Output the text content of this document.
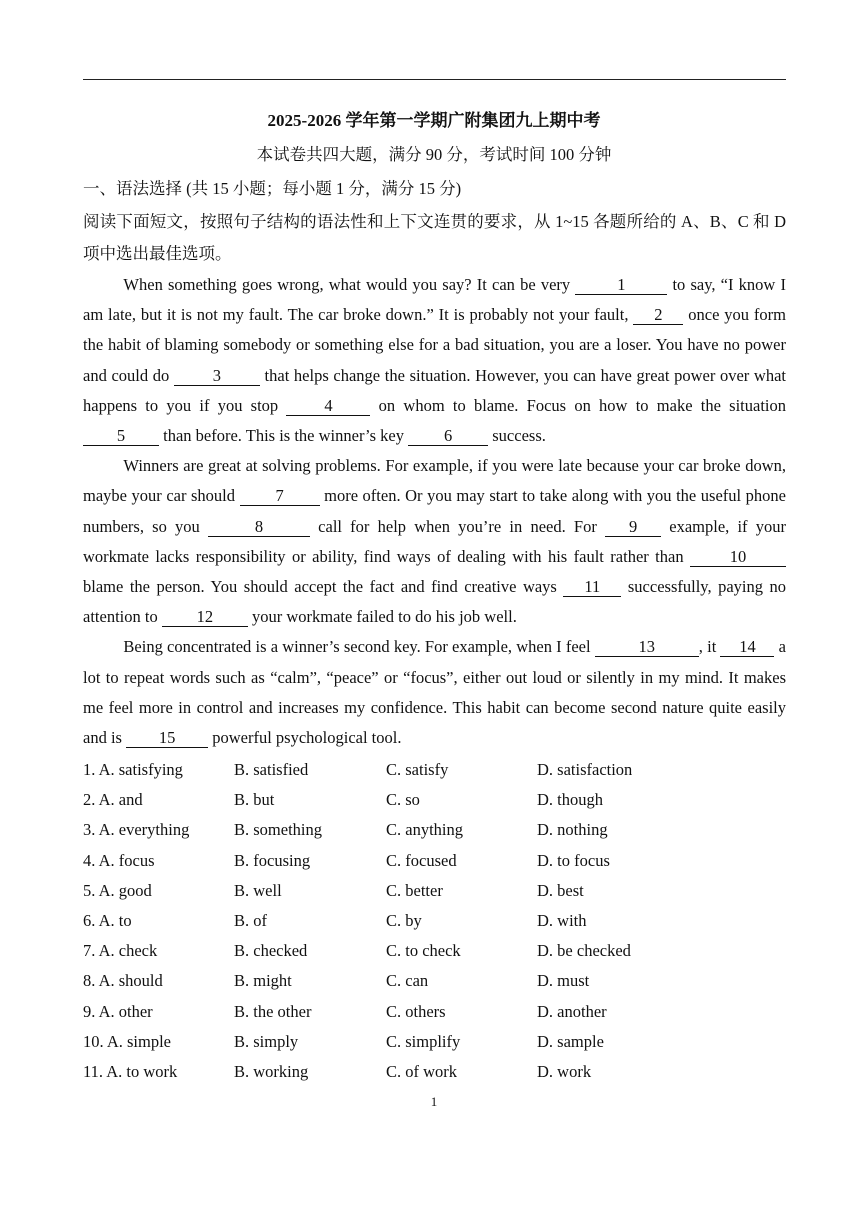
2025-2026 学年第一学期广附集团九上期中考
本试卷共四大题，满分 90 分，考试时间 100 分钟
一、语法选择 (共 15 小题；每小题 1 分，满分 15 分)
阅读下面短文，按照句子结构的语法性和上下文连贯的要求，从 1~15 各题所给的 A、B、C 和 D 项中选出最佳选项。

When something goes wrong, what would you say? It can be very	1	to say, “I know I am late, but it is not my fault. The car broke down.” It is probably not your fault, 2 once you form the habit of blaming somebody or something else for a bad situation, you are a loser. You have no power and could do 3 that helps change the situation. However, you can have great power over what happens to you if you stop 4 on whom to blame. Focus on how to make the situation 5 than before. This is the winner’s key 6 success.

Winners are great at solving problems. For example, if you were late because your car broke down, maybe your car should 7 more often. Or you may start to take along with you the useful phone numbers, so you	8	call for help when you’re in need. For 9 example, if your workmate lacks responsibility or ability, find ways of dealing with his fault rather than 10blame the person. You should accept the fact and find creative ways 11 successfully, paying no attention to 12 your workmate failed to do his job well.

Being concentrated is a winner’s second key. For example, when I feel	13	, it 14 a lot to repeat words such as “calm”, “peace” or “focus”, either out loud or silently in my mind. It makes me feel more in control and increases my confidence. This habit can become second nature quite easily and is 15 powerful psychological tool.

1. A. satisfying	B. satisfied	C. satisfy	D. satisfaction
2. A. and	B. but	C. so	D. though
3. A. everything	B. something	C. anything	D. nothing
4. A. focus	B. focusing	C. focused	D. to focus
5. A. good	B. well	C. better	D. best
6. A. to	B. of	C. by	D. with
7. A. check	B. checked	C. to check	D. be checked
8. A. should	B. might	C. can	D. must
9. A. other	B. the other	C. others	D. another
10. A. simple	B. simply	C. simplify	D. sample
11. A. to work	B. working	C. of work	D. work
1
